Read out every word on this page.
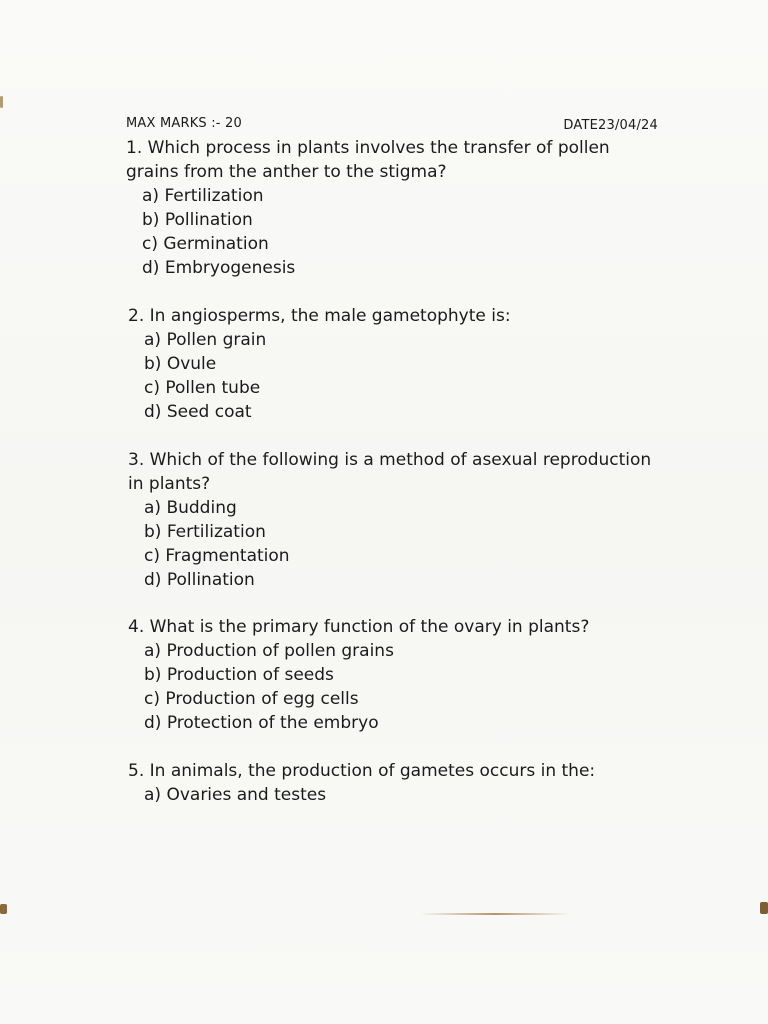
MAX MARKS :- 20	DATE23/04/24

1. Which process in plants involves the transfer of pollen grains from the anther to the stigma?

a) Fertilization
b) Pollination
c) Germination
d) Embryogenesis

2. In angiosperms, the male gametophyte is:

a) Pollen grain
b) Ovule
c) Pollen tube
d) Seed coat

3. Which of the following is a method of asexual reproduction in plants?

a) Budding
b) Fertilization
c) Fragmentation
d) Pollination

4. What is the primary function of the ovary in plants?

a) Production of pollen grains
b) Production of seeds
c) Production of egg cells
d) Protection of the embryo

5. In animals, the production of gametes occurs in the:

a) Ovaries and testes
